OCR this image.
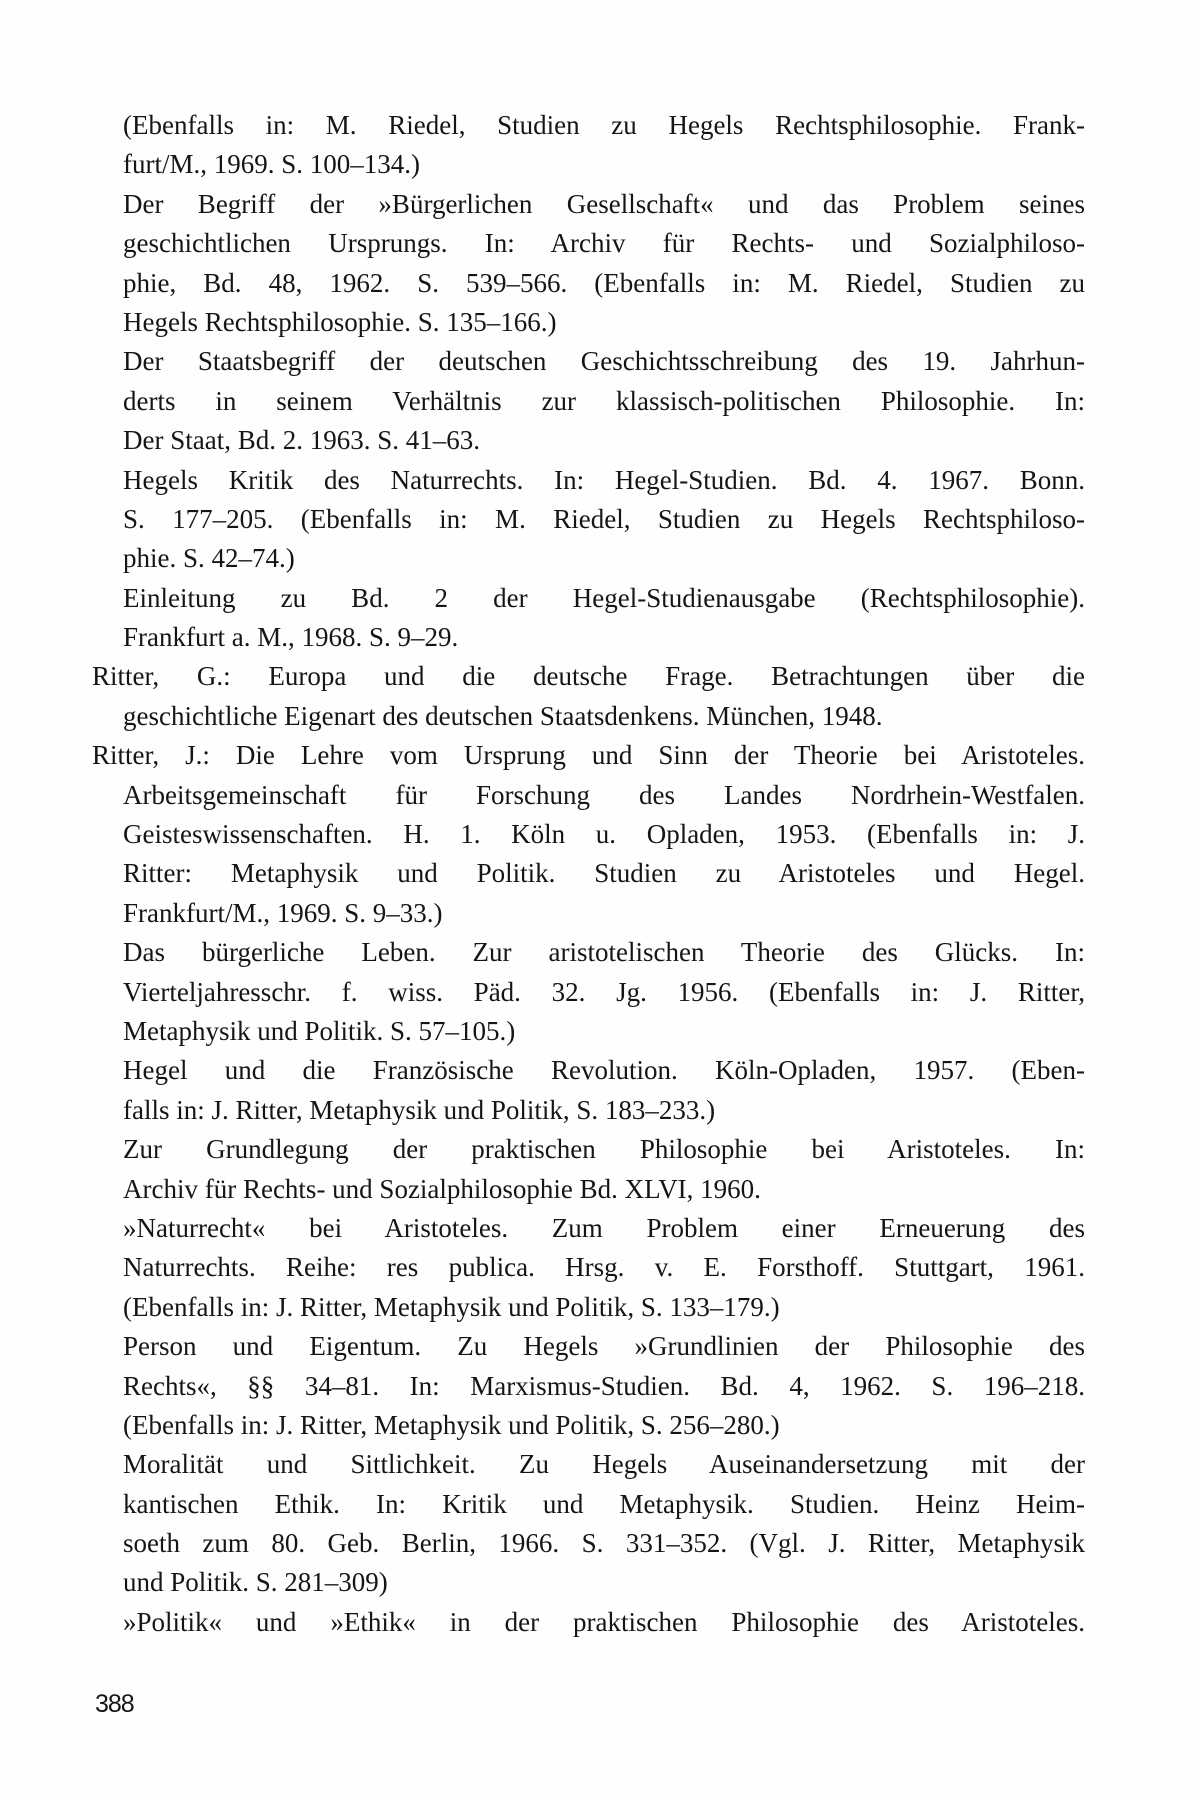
(Ebenfalls in: M. Riedel, Studien zu Hegels Rechtsphilosophie. Frank-
furt/M., 1969. S. 100–134.)
Der Begriff der »Bürgerlichen Gesellschaft« und das Problem seines
geschichtlichen Ursprungs. In: Archiv für Rechts- und Sozialphiloso-
phie, Bd. 48, 1962. S. 539–566. (Ebenfalls in: M. Riedel, Studien zu
Hegels Rechtsphilosophie. S. 135–166.)
Der Staatsbegriff der deutschen Geschichtsschreibung des 19. Jahrhun-
derts in seinem Verhältnis zur klassisch-politischen Philosophie. In:
Der Staat, Bd. 2. 1963. S. 41–63.
Hegels Kritik des Naturrechts. In: Hegel-Studien. Bd. 4. 1967. Bonn.
S. 177–205. (Ebenfalls in: M. Riedel, Studien zu Hegels Rechtsphiloso-
phie. S. 42–74.)
Einleitung zu Bd. 2 der Hegel-Studienausgabe (Rechtsphilosophie).
Frankfurt a. M., 1968. S. 9–29.
Ritter, G.: Europa und die deutsche Frage. Betrachtungen über die
geschichtliche Eigenart des deutschen Staatsdenkens. München, 1948.
Ritter, J.: Die Lehre vom Ursprung und Sinn der Theorie bei Aristoteles.
Arbeitsgemeinschaft für Forschung des Landes Nordrhein-Westfalen.
Geisteswissenschaften. H. 1. Köln u. Opladen, 1953. (Ebenfalls in: J.
Ritter: Metaphysik und Politik. Studien zu Aristoteles und Hegel.
Frankfurt/M., 1969. S. 9–33.)
Das bürgerliche Leben. Zur aristotelischen Theorie des Glücks. In:
Vierteljahresschr. f. wiss. Päd. 32. Jg. 1956. (Ebenfalls in: J. Ritter,
Metaphysik und Politik. S. 57–105.)
Hegel und die Französische Revolution. Köln-Opladen, 1957. (Eben-
falls in: J. Ritter, Metaphysik und Politik, S. 183–233.)
Zur Grundlegung der praktischen Philosophie bei Aristoteles. In:
Archiv für Rechts- und Sozialphilosophie Bd. XLVI, 1960.
»Naturrecht« bei Aristoteles. Zum Problem einer Erneuerung des
Naturrechts. Reihe: res publica. Hrsg. v. E. Forsthoff. Stuttgart, 1961.
(Ebenfalls in: J. Ritter, Metaphysik und Politik, S. 133–179.)
Person und Eigentum. Zu Hegels »Grundlinien der Philosophie des
Rechts«, §§ 34–81. In: Marxismus-Studien. Bd. 4, 1962. S. 196–218.
(Ebenfalls in: J. Ritter, Metaphysik und Politik, S. 256–280.)
Moralität und Sittlichkeit. Zu Hegels Auseinandersetzung mit der
kantischen Ethik. In: Kritik und Metaphysik. Studien. Heinz Heim-
soeth zum 80. Geb. Berlin, 1966. S. 331–352. (Vgl. J. Ritter, Metaphysik
und Politik. S. 281–309)
»Politik« und »Ethik« in der praktischen Philosophie des Aristoteles.
388
